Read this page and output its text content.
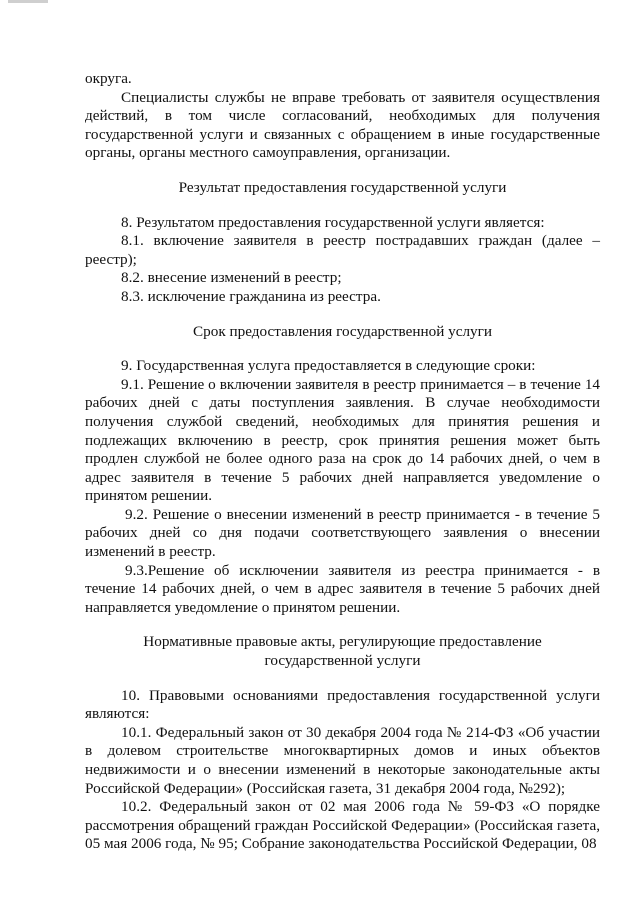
округа.

Специалисты службы не вправе требовать от заявителя осуществления действий, в том числе согласований, необходимых для получения государственной услуги и связанных с обращением в иные государственные органы, органы местного самоуправления, организации.

Результат предоставления государственной услуги

8. Результатом предоставления государственной услуги является:

8.1. включение заявителя в реестр пострадавших граждан (далее – реестр);

8.2. внесение изменений в реестр;

8.3. исключение гражданина из реестра.

Срок предоставления государственной услуги

9. Государственная услуга предоставляется в следующие сроки:

9.1. Решение о включении заявителя в реестр принимается – в течение 14 рабочих дней с даты поступления заявления. В случае необходимости получения службой сведений, необходимых для принятия решения и подлежащих включению в реестр, срок принятия решения может быть продлен службой не более одного раза на срок до 14 рабочих дней, о чем в адрес заявителя в течение 5 рабочих дней направляется уведомление о принятом решении.

9.2. Решение о внесении изменений в реестр принимается - в течение 5 рабочих дней со дня подачи соответствующего заявления о внесении изменений в реестр.

9.3.Решение об исключении заявителя из реестра принимается - в течение 14 рабочих дней, о чем в адрес заявителя в течение 5 рабочих дней направляется уведомление о принятом решении.

Нормативные правовые акты, регулирующие предоставление

государственной услуги

10. Правовыми основаниями предоставления государственной услуги являются:

10.1. Федеральный закон от 30 декабря 2004 года № 214-ФЗ «Об участии в долевом строительстве многоквартирных домов и иных объектов недвижимости и о внесении изменений в некоторые законодательные акты Российской Федерации» (Российская газета, 31 декабря 2004 года, №292);

10.2. Федеральный закон от 02 мая 2006 года № 59-ФЗ «О порядке рассмотрения обращений граждан Российской Федерации» (Российская газета, 05 мая 2006 года, № 95; Собрание законодательства Российской Федерации, 08
